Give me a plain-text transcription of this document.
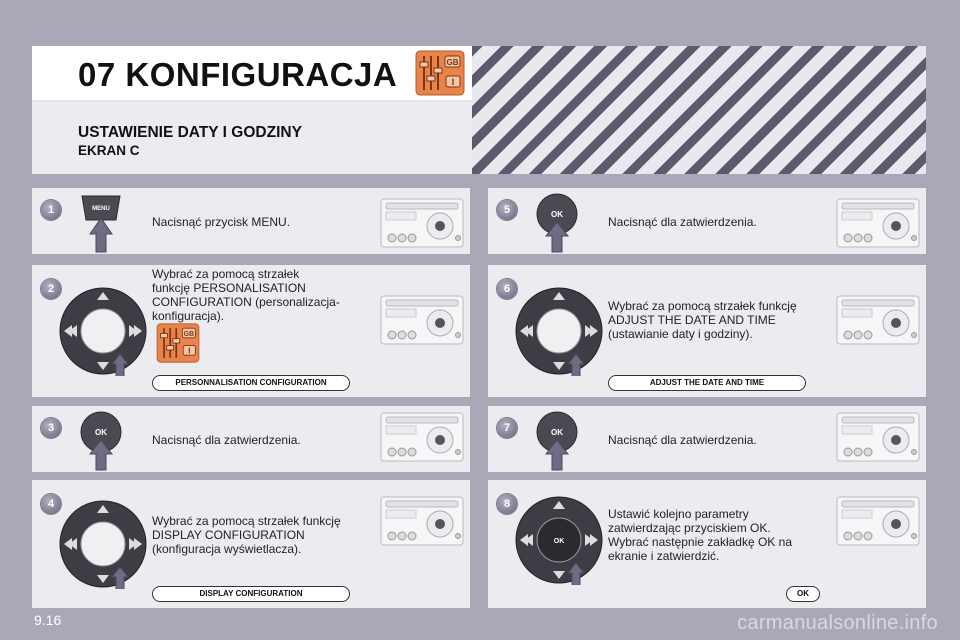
07 KONFIGURACJA
USTAWIENIE DATY I GODZINY
EKRAN C
GB
I
1	MENU
Nacisnąć przycisk MENU.
2
Wybrać za pomocą strzałek
funkcję PERSONALISATION
CONFIGURATION (personalizacja-
konfiguracja).
GB
I
PERSONNALISATION CONFIGURATION
3	OK
Nacisnąć dla zatwierdzenia.
4
Wybrać za pomocą strzałek funkcję
DISPLAY CONFIGURATION
(konfiguracja wyświetlacza).
DISPLAY CONFIGURATION
5	OK
Nacisnąć dla zatwierdzenia.
6
Wybrać za pomocą strzałek funkcję
ADJUST THE DATE AND TIME
(ustawianie daty i godziny).
ADJUST THE DATE AND TIME
7	OK
Nacisnąć dla zatwierdzenia.
8
OK
Ustawić kolejno parametry
zatwierdzając przyciskiem OK.
Wybrać następnie zakładkę OK na
ekranie i zatwierdzić.
OK
9.16	carmanualsonline.info
